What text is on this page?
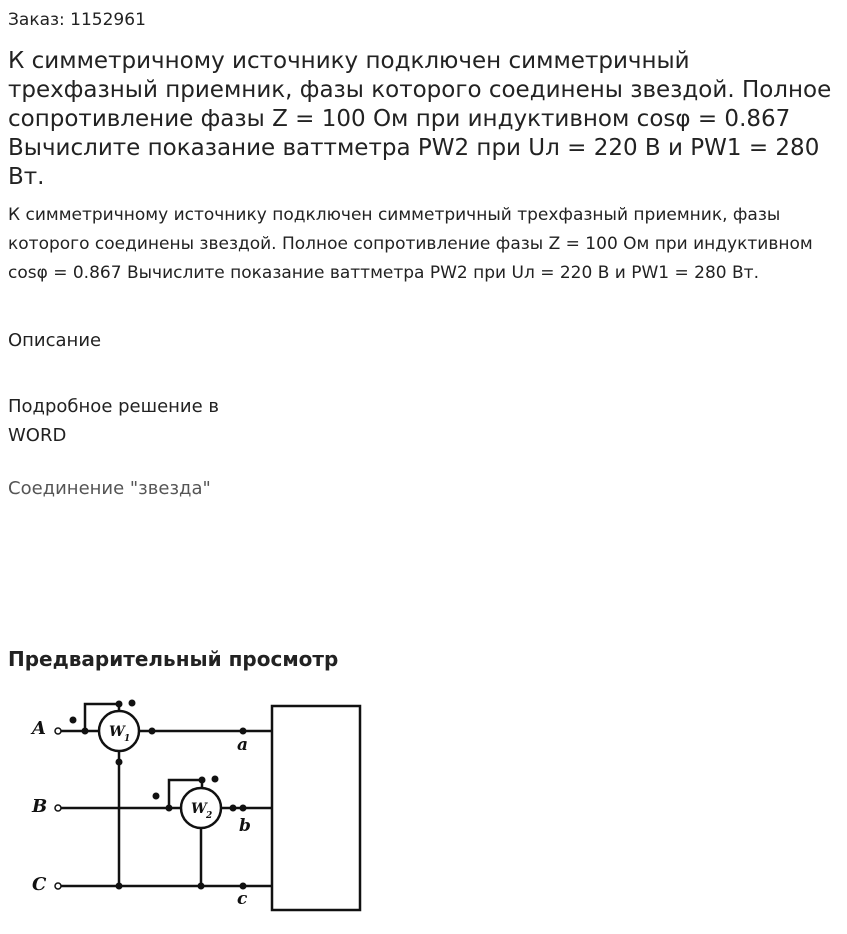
Заказ: 1152961
К симметричному источнику подключен симметричный трехфазный приемник, фазы которого соединены звездой. Полное сопротивление фазы Z = 100 Ом при индуктивном cosφ = 0.867 Вычислите показание ваттметра PW2 при Uл = 220 В и PW1 = 280 Вт.
К симметричному источнику подключен симметричный трехфазный приемник, фазы которого соединены звездой. Полное сопротивление фазы Z = 100 Ом при индуктивном cosφ = 0.867 Вычислите показание ваттметра PW2 при Uл = 220 В и PW1 = 280 Вт.
Описание
Подробное решение в
WORD
Соединение "звезда"
Предварительный просмотр
A
B
C
a
b
c
W 1
W 2
